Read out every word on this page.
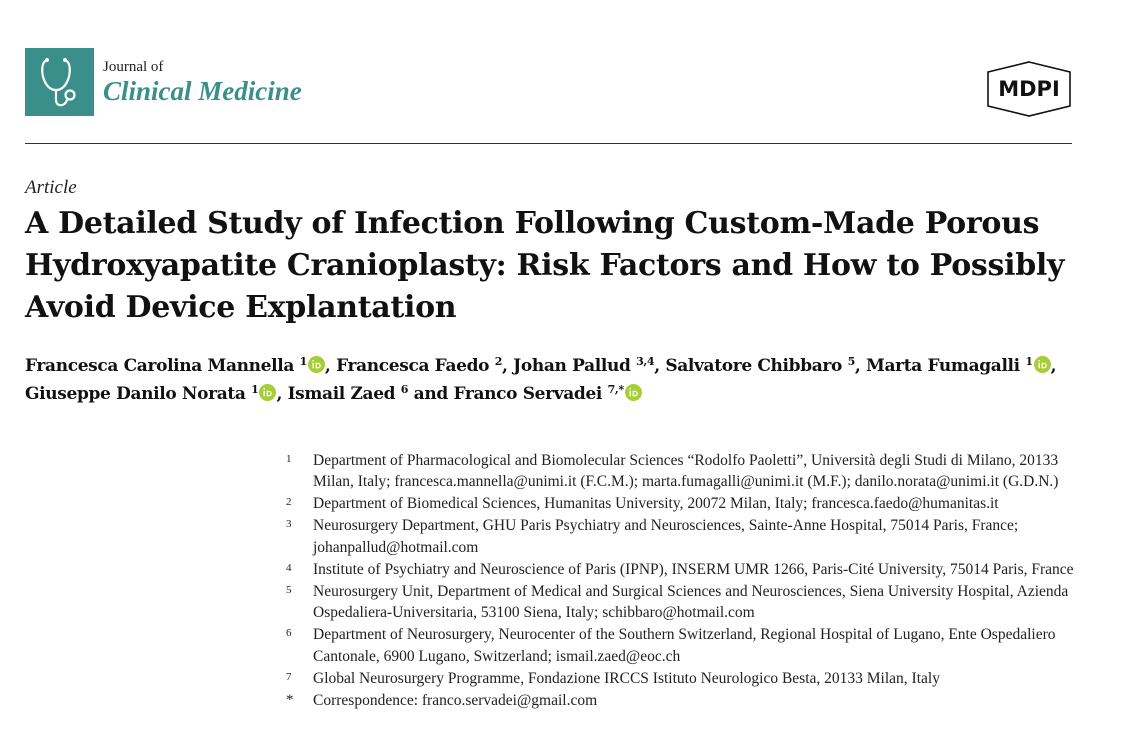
Journal of
Clinical Medicine	MDPI
Article
A Detailed Study of Infection Following Custom-Made Porous Hydroxyapatite Cranioplasty: Risk Factors and How to Possibly Avoid Device Explantation
Francesca Carolina Mannella $^1$ , Francesca Faedo $^2$, Johan Pallud $^{3,4}$, Salvatore Chibbaro $^5$, Marta Fumagalli $^1$ ,
Giuseppe Danilo Norata $^1$ , Ismail Zaed $^6$ and Franco Servadei $^{7,*}$
1 Department of Pharmacological and Biomolecular Sciences “Rodolfo Paoletti”, Università degli Studi di Milano, 20133 Milan, Italy; francesca.mannella@unimi.it (F.C.M.); marta.fumagalli@unimi.it (M.F.); danilo.norata@unimi.it (G.D.N.)
2 Department of Biomedical Sciences, Humanitas University, 20072 Milan, Italy; francesca.faedo@humanitas.it
3 Neurosurgery Department, GHU Paris Psychiatry and Neurosciences, Sainte-Anne Hospital, 75014 Paris, France; johanpallud@hotmail.com
4 Institute of Psychiatry and Neuroscience of Paris (IPNP), INSERM UMR 1266, Paris-Cité University, 75014 Paris, France
5 Neurosurgery Unit, Department of Medical and Surgical Sciences and Neurosciences, Siena University Hospital, Azienda Ospedaliera-Universitaria, 53100 Siena, Italy; schibbaro@hotmail.com
6 Department of Neurosurgery, Neurocenter of the Southern Switzerland, Regional Hospital of Lugano, Ente Ospedaliero Cantonale, 6900 Lugano, Switzerland; ismail.zaed@eoc.ch
7 Global Neurosurgery Programme, Fondazione IRCCS Istituto Neurologico Besta, 20133 Milan, Italy
* Correspondence: franco.servadei@gmail.com
